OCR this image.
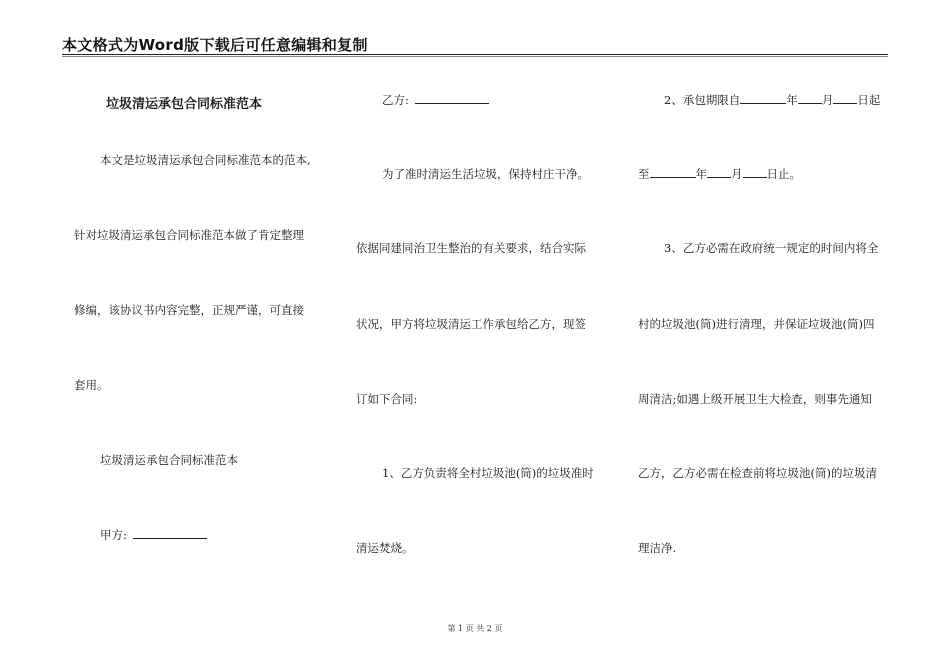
本文格式为Word版下载后可任意编辑和复制
垃圾清运承包合同标准范本
本文是垃圾清运承包合同标准范本的范本,
针对垃圾清运承包合同标准范本做了肯定整理
修编，该协议书内容完整，正规严谨，可直接
套用。
垃圾清运承包合同标准范本
甲方:
乙方:
为了准时清运生活垃圾，保持村庄干净。
依据同建同治卫生整治的有关要求，结合实际
状况，甲方将垃圾清运工作承包给乙方，现签
订如下合同:
1、乙方负责将全村垃圾池(筒)的垃圾准时
清运焚烧。
2、承包期限自	年 月 日起
至	年 月 日止。
3、乙方必需在政府统一规定的时间内将全
村的垃圾池(筒)进行清理，并保证垃圾池(筒)四
周清洁;如遇上级开展卫生大检查，则事先通知
乙方，乙方必需在检查前将垃圾池(筒)的垃圾清
理洁净.
第 1 页 共 2 页
